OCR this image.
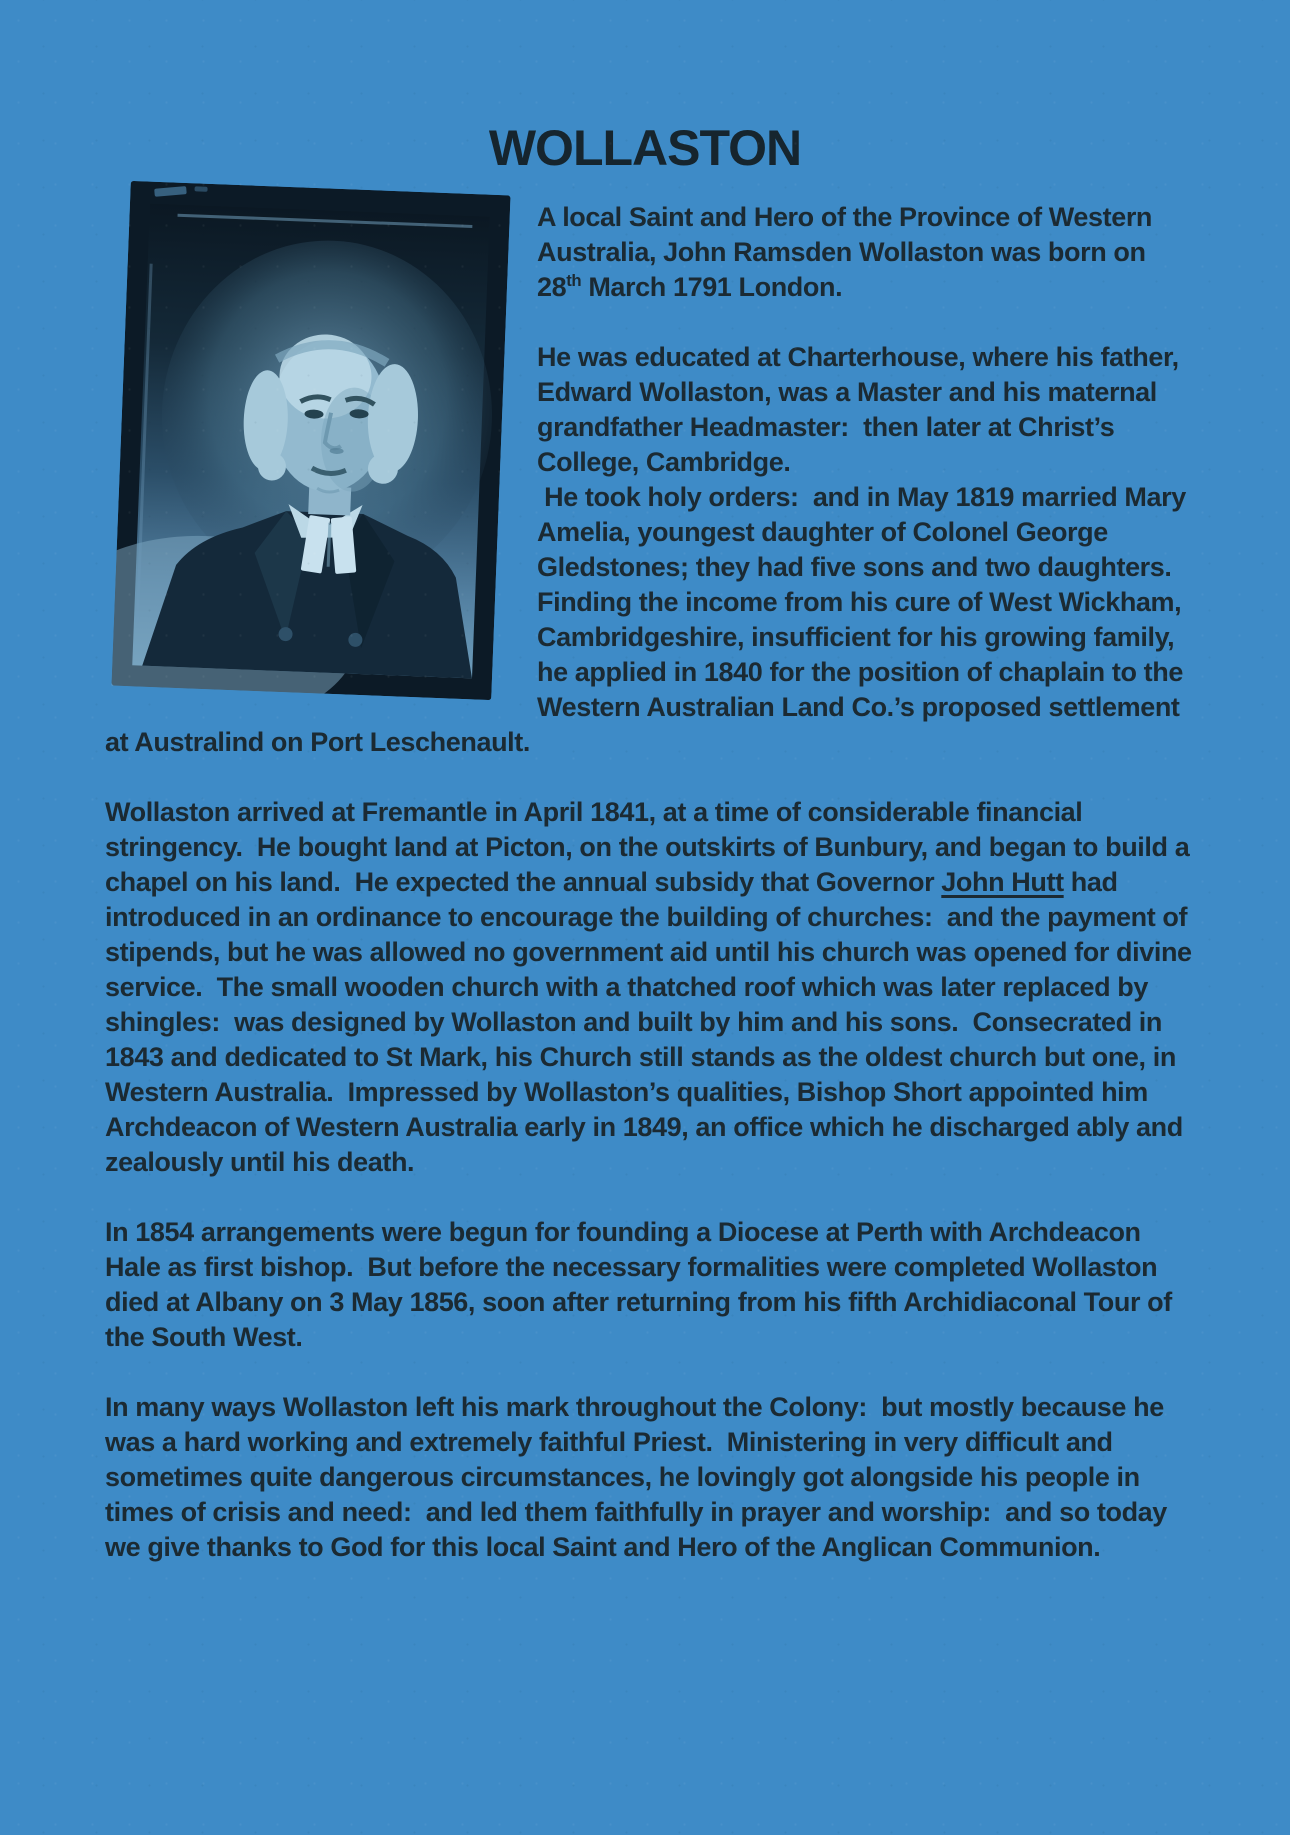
WOLLASTON

A local Saint and Hero of the Province of Western Australia, John Ramsden Wollaston was born on 28th March 1791 London.

He was educated at Charterhouse, where his father, Edward Wollaston, was a Master and his maternal grandfather Headmaster:  then later at Christ’s College, Cambridge.

He took holy orders:  and in May 1819 married Mary Amelia, youngest daughter of Colonel George Gledstones; they had five sons and two daughters.

Finding the income from his cure of West Wickham, Cambridgeshire, insufficient for his growing family, he applied in 1840 for the position of chaplain to the Western Australian Land Co.’s proposed settlement at Australind on Port Leschenault.

Wollaston arrived at Fremantle in April 1841, at a time of considerable financial stringency.  He bought land at Picton, on the outskirts of Bunbury, and began to build a chapel on his land.  He expected the annual subsidy that Governor John Hutt had introduced in an ordinance to encourage the building of churches:  and the payment of stipends, but he was allowed no government aid until his church was opened for divine service.  The small wooden church with a thatched roof which was later replaced by shingles:  was designed by Wollaston and built by him and his sons.  Consecrated in 1843 and dedicated to St Mark, his Church still stands as the oldest church but one, in Western Australia.  Impressed by Wollaston’s qualities, Bishop Short appointed him Archdeacon of Western Australia early in 1849, an office which he discharged ably and zealously until his death.

In 1854 arrangements were begun for founding a Diocese at Perth with Archdeacon Hale as first bishop.  But before the necessary formalities were completed Wollaston died at Albany on 3 May 1856, soon after returning from his fifth Archidiaconal Tour of the South West.

In many ways Wollaston left his mark throughout the Colony:  but mostly because he was a hard working and extremely faithful Priest.  Ministering in very difficult and sometimes quite dangerous circumstances, he lovingly got alongside his people in times of crisis and need:  and led them faithfully in prayer and worship:  and so today we give thanks to God for this local Saint and Hero of the Anglican Communion.
